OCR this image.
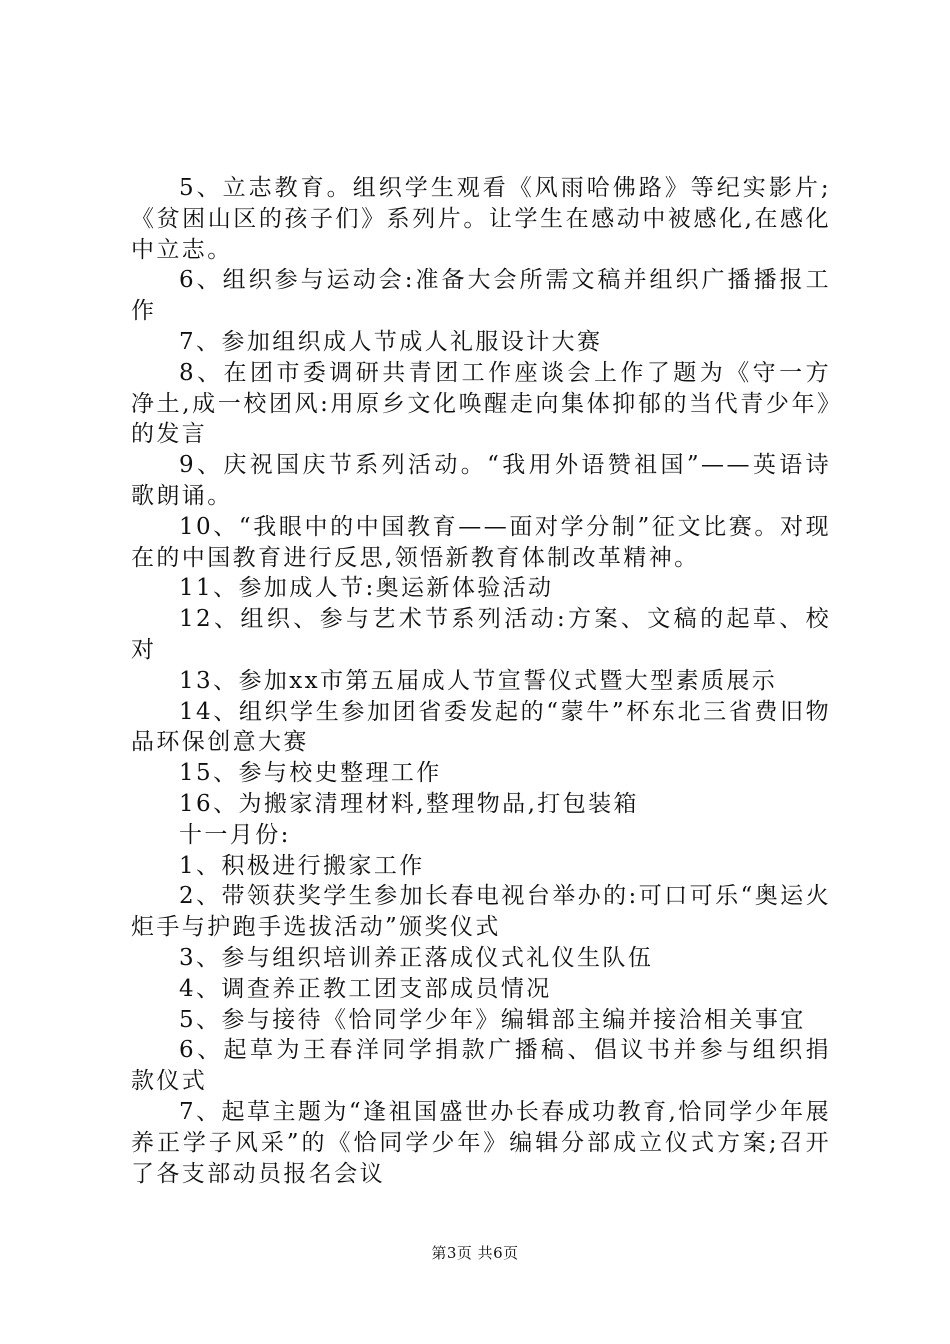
5、立志教育。组织学生观看《风雨哈佛路》等纪实影片;《贫困山区的孩子们》系列片。让学生在感动中被感化,在感化中立志。

6、组织参与运动会:准备大会所需文稿并组织广播播报工作

7、参加组织成人节成人礼服设计大赛

8、在团市委调研共青团工作座谈会上作了题为《守一方净土,成一校团风:用原乡文化唤醒走向集体抑郁的当代青少年》的发言

9、庆祝国庆节系列活动。“我用外语赞祖国”——英语诗歌朗诵。

10、“我眼中的中国教育——面对学分制”征文比赛。对现在的中国教育进行反思,领悟新教育体制改革精神。

11、参加成人节:奥运新体验活动

12、组织、参与艺术节系列活动:方案、文稿的起草、校对

13、参加xx市第五届成人节宣誓仪式暨大型素质展示

14、组织学生参加团省委发起的“蒙牛”杯东北三省费旧物品环保创意大赛

15、参与校史整理工作

16、为搬家清理材料,整理物品,打包装箱

十一月份:

1、积极进行搬家工作

2、带领获奖学生参加长春电视台举办的:可口可乐“奥运火炬手与护跑手选拔活动”颁奖仪式

3、参与组织培训养正落成仪式礼仪生队伍

4、调查养正教工团支部成员情况

5、参与接待《恰同学少年》编辑部主编并接洽相关事宜

6、起草为王春洋同学捐款广播稿、倡议书并参与组织捐款仪式

7、起草主题为“逢祖国盛世办长春成功教育,恰同学少年展养正学子风采”的《恰同学少年》编辑分部成立仪式方案;召开了各支部动员报名会议

第3页 共6页
